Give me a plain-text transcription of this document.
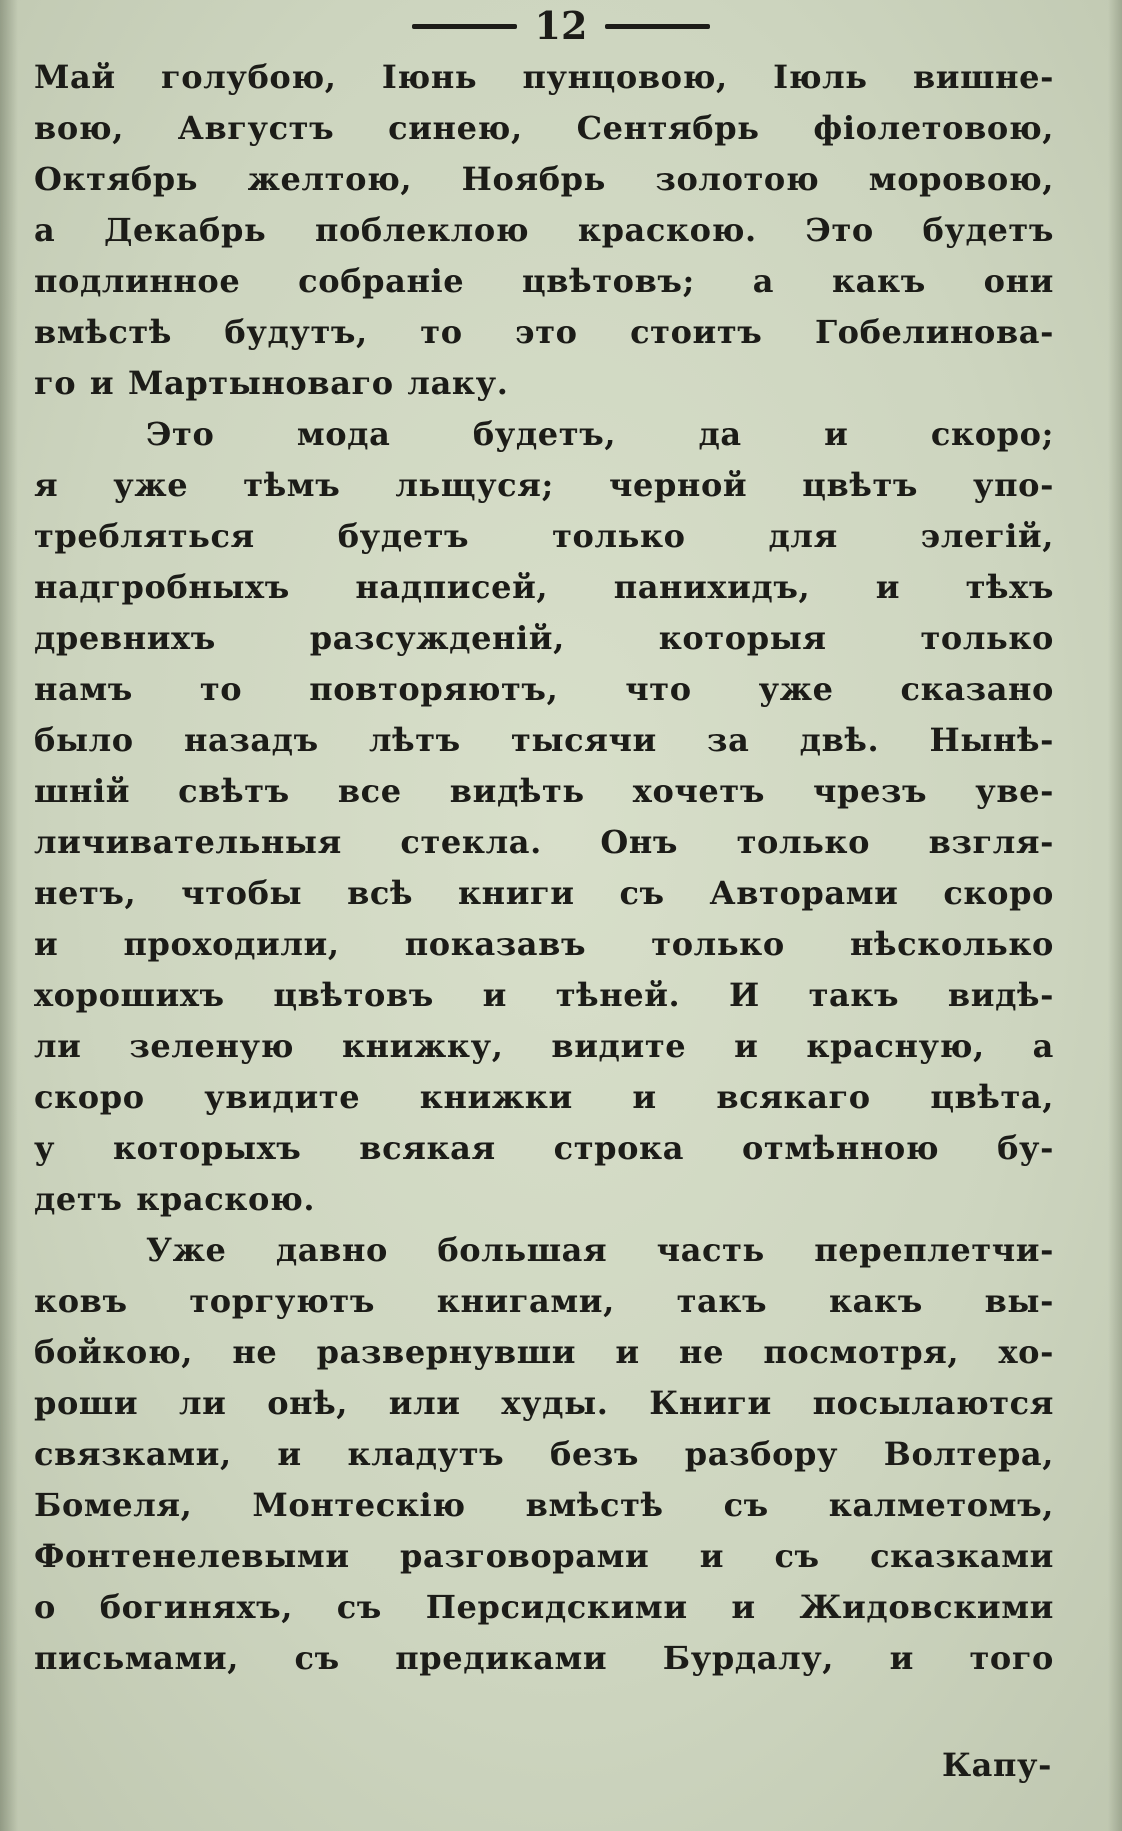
12
Май голубою, Іюнь пунцовою, Іюль вишне-
вою, Августъ синею, Сентябрь фіолетовою,
Октябрь желтою, Ноябрь золотою моровою,
а Декабрь поблеклою краскою. Это будетъ
подлинное собраніе цвѣтовъ; а какъ они
вмѣстѣ будутъ, то это стоитъ Гобелинова-
го и Мартыноваго лаку.
Это мода будетъ, да и скоро;
я уже тѣмъ льщуся; черной цвѣтъ упо-
требляться будетъ только для элегій,
надгробныхъ надписей, панихидъ, и тѣхъ
древнихъ разсужденій, которыя только
намъ то повторяютъ, что уже сказано
было назадъ лѣтъ тысячи за двѣ. Нынѣ-
шній свѣтъ все видѣть хочетъ чрезъ уве-
личивательныя стекла. Онъ только взгля-
нетъ, чтобы всѣ книги съ Авторами скоро
и проходили, показавъ только нѣсколько
хорошихъ цвѣтовъ и тѣней. И такъ видѣ-
ли зеленую книжку, видите и красную, а
скоро увидите книжки и всякаго цвѣта,
у которыхъ всякая строка отмѣнною бу-
детъ краскою.
Уже давно большая часть переплетчи-
ковъ торгуютъ книгами, такъ какъ вы-
бойкою, не развернувши и не посмотря, хо-
роши ли онѣ, или худы. Книги посылаются
связками, и кладутъ безъ разбору Волтера,
Бомеля, Монтескію вмѣстѣ съ калметомъ,
Фонтенелевыми разговорами и съ сказками
о богиняхъ, съ Персидскими и Жидовскими
письмами, съ предиками Бурдалу, и того
Капу-
